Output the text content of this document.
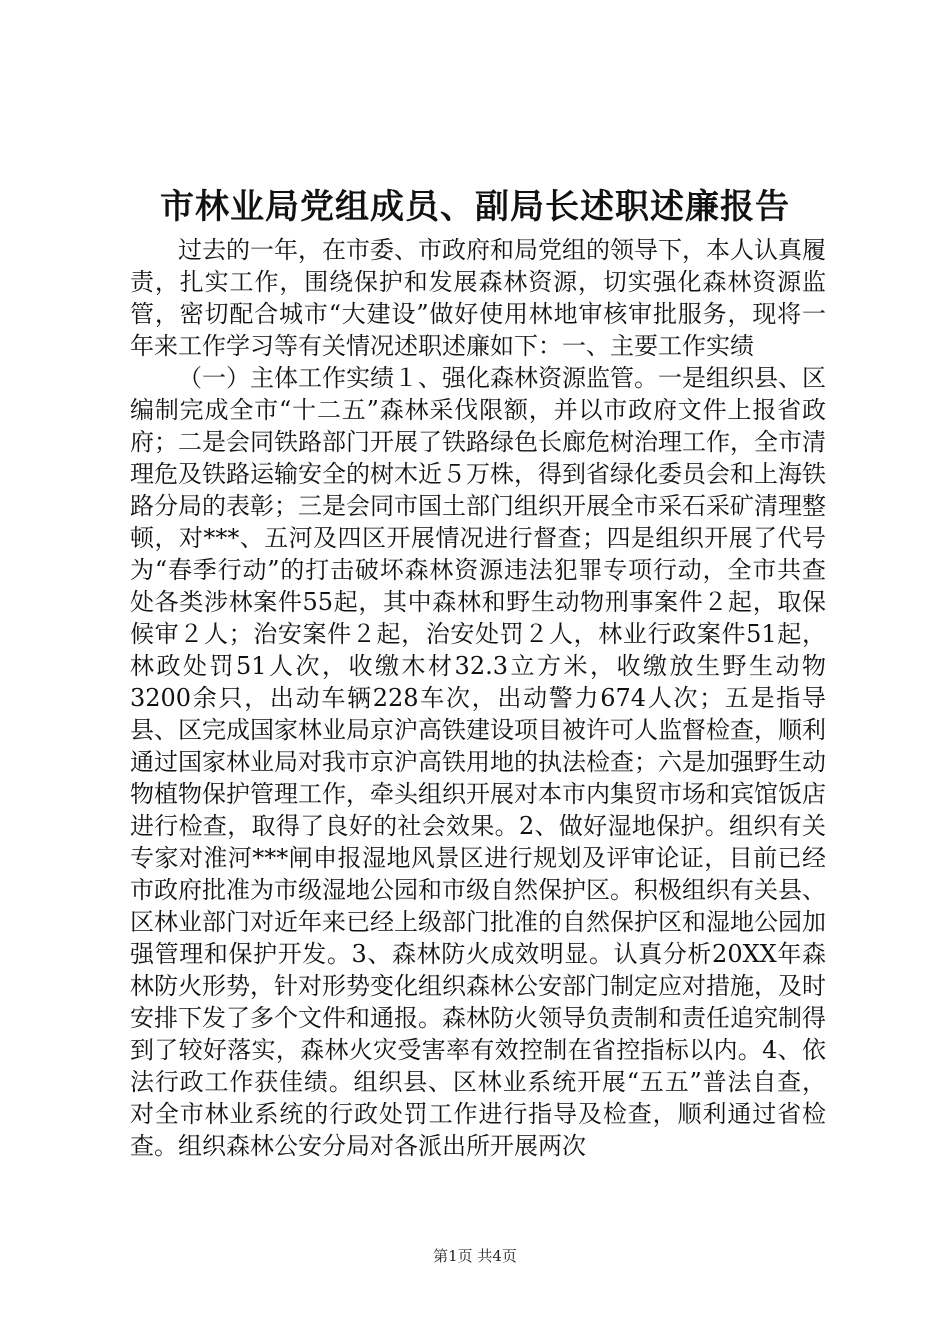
市林业局党组成员、副局长述职述廉报告

过去的一年，在市委、市政府和局党组的领导下，本人认真履责，扎实工作，围绕保护和发展森林资源，切实强化森林资源监管，密切配合城市“大建设”做好使用林地审核审批服务，现将一年来工作学习等有关情况述职述廉如下：一、主要工作实绩

（一）主体工作实绩１、强化森林资源监管。一是组织县、区编制完成全市“十二五”森林采伐限额，并以市政府文件上报省政府；二是会同铁路部门开展了铁路绿色长廊危树治理工作，全市清理危及铁路运输安全的树木近５万株，得到省绿化委员会和上海铁路分局的表彰；三是会同市国土部门组织开展全市采石采矿清理整顿，对***、五河及四区开展情况进行督查；四是组织开展了代号为“春季行动”的打击破坏森林资源违法犯罪专项行动，全市共查处各类涉林案件55起，其中森林和野生动物刑事案件２起，取保候审２人；治安案件２起，治安处罚２人，林业行政案件51起，林政处罚51人次，收缴木材32.3立方米，收缴放生野生动物3200余只，出动车辆228车次，出动警力674人次；五是指导县、区完成国家林业局京沪高铁建设项目被许可人监督检查，顺利通过国家林业局对我市京沪高铁用地的执法检查；六是加强野生动物植物保护管理工作，牵头组织开展对本市内集贸市场和宾馆饭店进行检查，取得了良好的社会效果。2、做好湿地保护。组织有关专家对淮河***闸申报湿地风景区进行规划及评审论证，目前已经市政府批准为市级湿地公园和市级自然保护区。积极组织有关县、区林业部门对近年来已经上级部门批准的自然保护区和湿地公园加强管理和保护开发。3、森林防火成效明显。认真分析20XX年森林防火形势，针对形势变化组织森林公安部门制定应对措施，及时安排下发了多个文件和通报。森林防火领导负责制和责任追究制得到了较好落实，森林火灾受害率有效控制在省控指标以内。4、依法行政工作获佳绩。组织县、区林业系统开展“五五”普法自查，对全市林业系统的行政处罚工作进行指导及检查，顺利通过省检查。组织森林公安分局对各派出所开展两次

第1页 共4页
